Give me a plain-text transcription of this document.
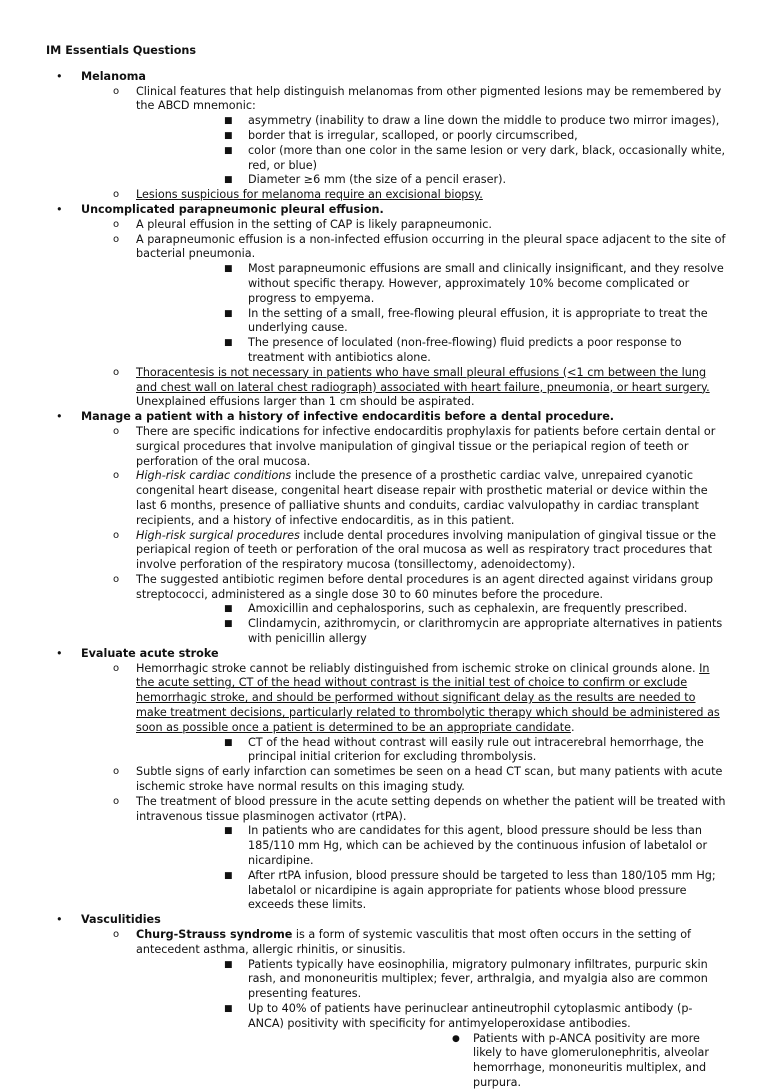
IM Essentials Questions
• Melanoma
o Clinical features that help distinguish melanomas from other pigmented lesions may be remembered by the ABCD mnemonic:
■ asymmetry (inability to draw a line down the middle to produce two mirror images),
■ border that is irregular, scalloped, or poorly circumscribed,
■ color (more than one color in the same lesion or very dark, black, occasionally white, red, or blue)
■ Diameter ≥6 mm (the size of a pencil eraser).
o Lesions suspicious for melanoma require an excisional biopsy.
• Uncomplicated parapneumonic pleural effusion.
o A pleural effusion in the setting of CAP is likely parapneumonic.
o A parapneumonic effusion is a non-infected effusion occurring in the pleural space adjacent to the site of bacterial pneumonia.
■ Most parapneumonic effusions are small and clinically insignificant, and they resolve without specific therapy. However, approximately 10% become complicated or progress to empyema.
■ In the setting of a small, free-flowing pleural effusion, it is appropriate to treat the underlying cause.
■ The presence of loculated (non-free-flowing) fluid predicts a poor response to treatment with antibiotics alone.
o Thoracentesis is not necessary in patients who have small pleural effusions (<1 cm between the lung and chest wall on lateral chest radiograph) associated with heart failure, pneumonia, or heart surgery. Unexplained effusions larger than 1 cm should be aspirated.
• Manage a patient with a history of infective endocarditis before a dental procedure.
o There are specific indications for infective endocarditis prophylaxis for patients before certain dental or surgical procedures that involve manipulation of gingival tissue or the periapical region of teeth or perforation of the oral mucosa.
o High-risk cardiac conditions include the presence of a prosthetic cardiac valve, unrepaired cyanotic congenital heart disease, congenital heart disease repair with prosthetic material or device within the last 6 months, presence of palliative shunts and conduits, cardiac valvulopathy in cardiac transplant recipients, and a history of infective endocarditis, as in this patient.
o High-risk surgical procedures include dental procedures involving manipulation of gingival tissue or the periapical region of teeth or perforation of the oral mucosa as well as respiratory tract procedures that involve perforation of the respiratory mucosa (tonsillectomy, adenoidectomy).
o The suggested antibiotic regimen before dental procedures is an agent directed against viridans group streptococci, administered as a single dose 30 to 60 minutes before the procedure.
■ Amoxicillin and cephalosporins, such as cephalexin, are frequently prescribed.
■ Clindamycin, azithromycin, or clarithromycin are appropriate alternatives in patients with penicillin allergy
• Evaluate acute stroke
o Hemorrhagic stroke cannot be reliably distinguished from ischemic stroke on clinical grounds alone. In the acute setting, CT of the head without contrast is the initial test of choice to confirm or exclude hemorrhagic stroke, and should be performed without significant delay as the results are needed to make treatment decisions, particularly related to thrombolytic therapy which should be administered as soon as possible once a patient is determined to be an appropriate candidate.
■ CT of the head without contrast will easily rule out intracerebral hemorrhage, the principal initial criterion for excluding thrombolysis.
o Subtle signs of early infarction can sometimes be seen on a head CT scan, but many patients with acute ischemic stroke have normal results on this imaging study.
o The treatment of blood pressure in the acute setting depends on whether the patient will be treated with intravenous tissue plasminogen activator (rtPA).
■ In patients who are candidates for this agent, blood pressure should be less than 185/110 mm Hg, which can be achieved by the continuous infusion of labetalol or nicardipine.
■ After rtPA infusion, blood pressure should be targeted to less than 180/105 mm Hg; labetalol or nicardipine is again appropriate for patients whose blood pressure exceeds these limits.
• Vasculitidies
o Churg-Strauss syndrome is a form of systemic vasculitis that most often occurs in the setting of antecedent asthma, allergic rhinitis, or sinusitis.
■ Patients typically have eosinophilia, migratory pulmonary infiltrates, purpuric skin rash, and mononeuritis multiplex; fever, arthralgia, and myalgia also are common presenting features.
■ Up to 40% of patients have perinuclear antineutrophil cytoplasmic antibody (p-ANCA) positivity with specificity for antimyeloperoxidase antibodies.
● Patients with p-ANCA positivity are more likely to have glomerulonephritis, alveolar hemorrhage, mononeuritis multiplex, and purpura.
